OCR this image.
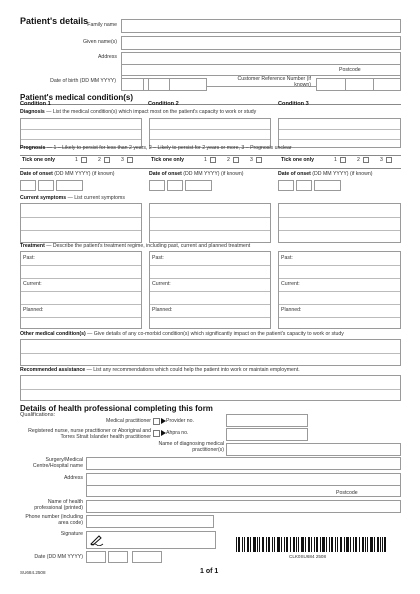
Patient's details Family name
Given name(s)
Address
Postcode
Date of birth (DD MM YYYY)	Customer Reference Number (if known)
Patient's medical condition(s)
Condition 1	Condition 2	Condition 3
Diagnosis — List the medical condition(s) which impact most on the patient's capacity to work or study
Prognosis — 1 – Likely to persist for less than 2 years, 2 – Likely to persist for 2 years or more, 3 – Prognosis unclear
Tick one only	1	2	3	Tick one only	1	2	3	Tick one only	1	2	3
Date of onset (DD MM YYYY) (if known)	Date of onset (DD MM YYYY) (if known)	Date of onset (DD MM YYYY) (if known)
Current symptoms — List current symptoms
Treatment — Describe the patient's treatment regime, including past, current and planned treatment
Past:	Past:	Past:
Current:	Current:	Current:
Planned:	Planned:	Planned:
Other medical condition(s) — Give details of any co-morbid condition(s) which significantly impact on the patient's capacity to work or study
Recommended assistance — List any recommendations which could help the patient into work or maintain employment.
Details of health professional completing this form
Qualifications:
Medical practitioner	Provider no.
Registered nurse, nurse practitioner or Aboriginal and Torres Strait Islander health practitioner
Ahpra no.
Name of diagnosing medical practitioner(s)
Surgery/Medical Centre/Hospital name
Address
Postcode
Name of health professional (printed)
Phone number (including area code)
Signature
Date (DD MM YYYY)	CLK0SU684 2508
SU684.2508	1 of 1
